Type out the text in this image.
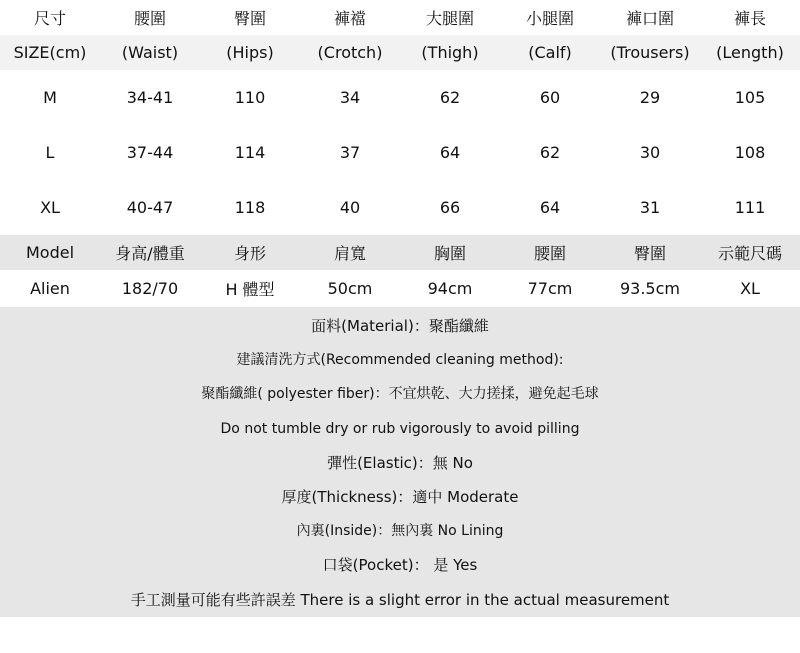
尺寸	腰圍	臀圍	褲襠	大腿圍	小腿圍	褲口圍	褲長
SIZE(cm)	(Waist)	(Hips)	(Crotch)	(Thigh)	(Calf)	(Trousers)	(Length)
M	34-41	110	34	62	60	29	105
L	37-44	114	37	64	62	30	108
XL	40-47	118	40	66	64	31	111
Model	身高/體重	身形	肩寬	胸圍	腰圍	臀圍	示範尺碼
Alien	182/70	H 體型	50cm	94cm	77cm	93.5cm	XL
面料(Material)：聚酯纖維
建議清洗方式(Recommended cleaning method):
聚酯纖維( polyester fiber)：不宜烘乾、大力搓揉，避免起毛球
Do not tumble dry or rub vigorously to avoid pilling
彈性(Elastic)：無 No
厚度(Thickness)：適中 Moderate
內裏(Inside)：無內裏 No Lining
口袋(Pocket)： 是 Yes
手工測量可能有些許誤差 There is a slight error in the actual measurement
